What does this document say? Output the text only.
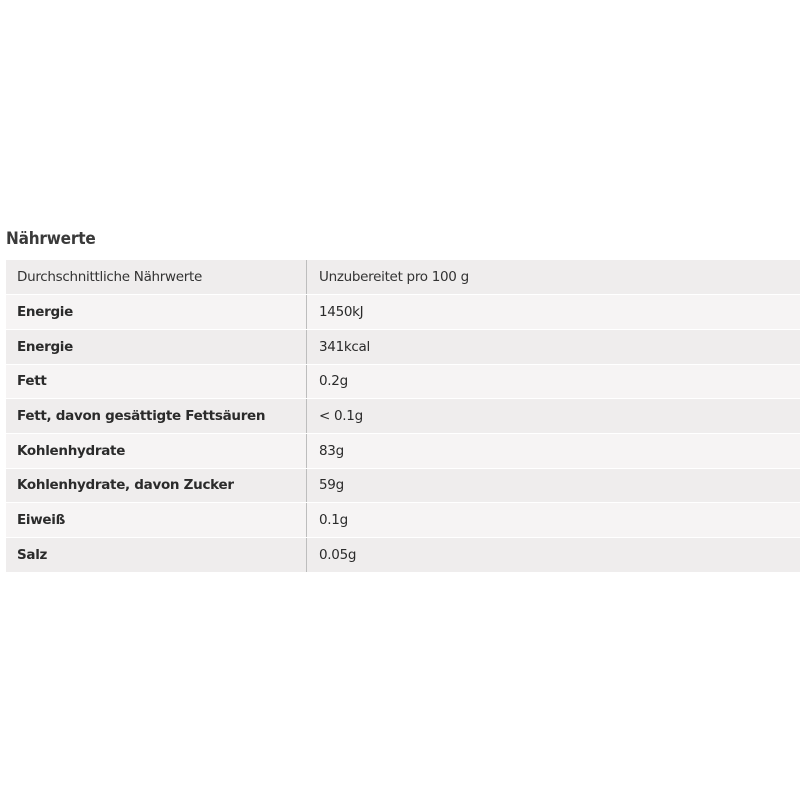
Nährwerte
Durchschnittliche Nährwerte	Unzubereitet pro 100 g
Energie	1450kJ
Energie	341kcal
Fett	0.2g
Fett, davon gesättigte Fettsäuren	< 0.1g
Kohlenhydrate	83g
Kohlenhydrate, davon Zucker	59g
Eiweiß	0.1g
Salz	0.05g
